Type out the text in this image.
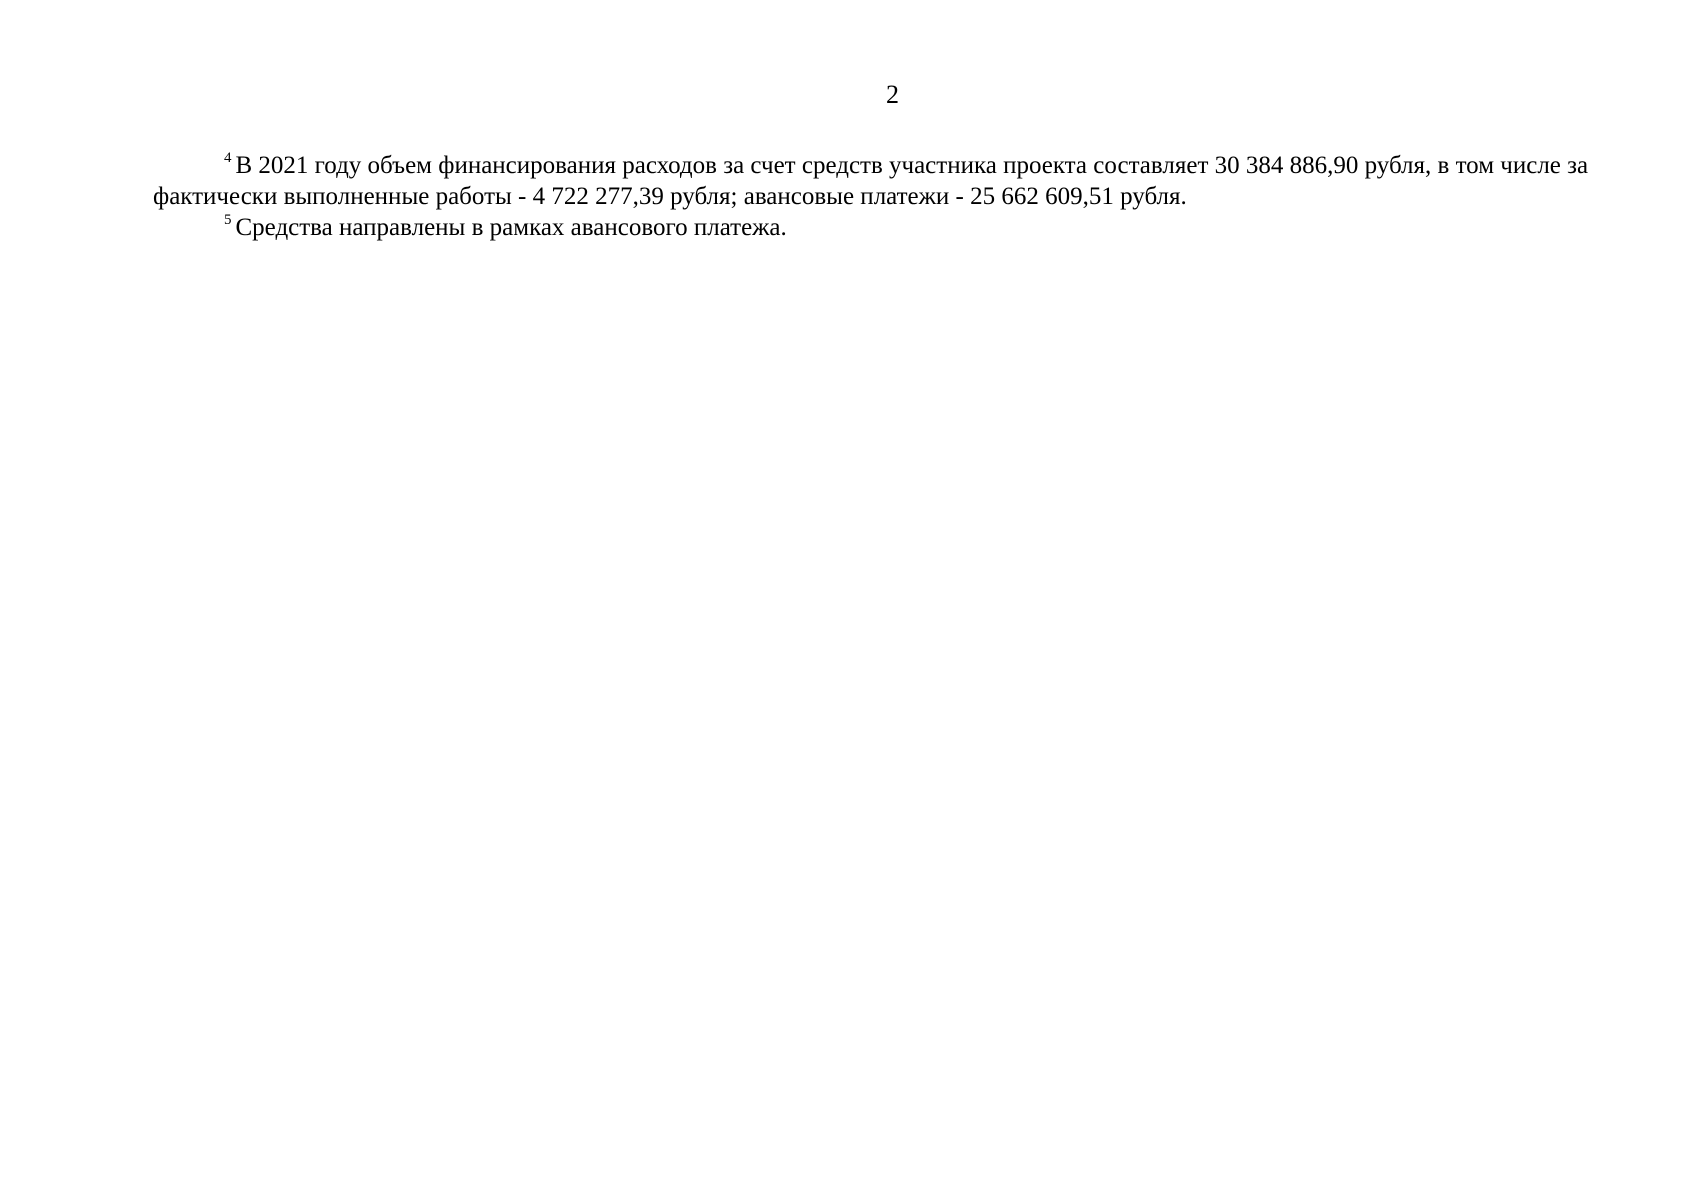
2

$^4$ В 2021 году объем финансирования расходов за счет средств участника проекта составляет 30 384 886,90 рубля, в том числе за фактически выполненные работы - 4 722 277,39 рубля; авансовые платежи - 25 662 609,51 рубля.

$^5$ Средства направлены в рамках авансового платежа.
